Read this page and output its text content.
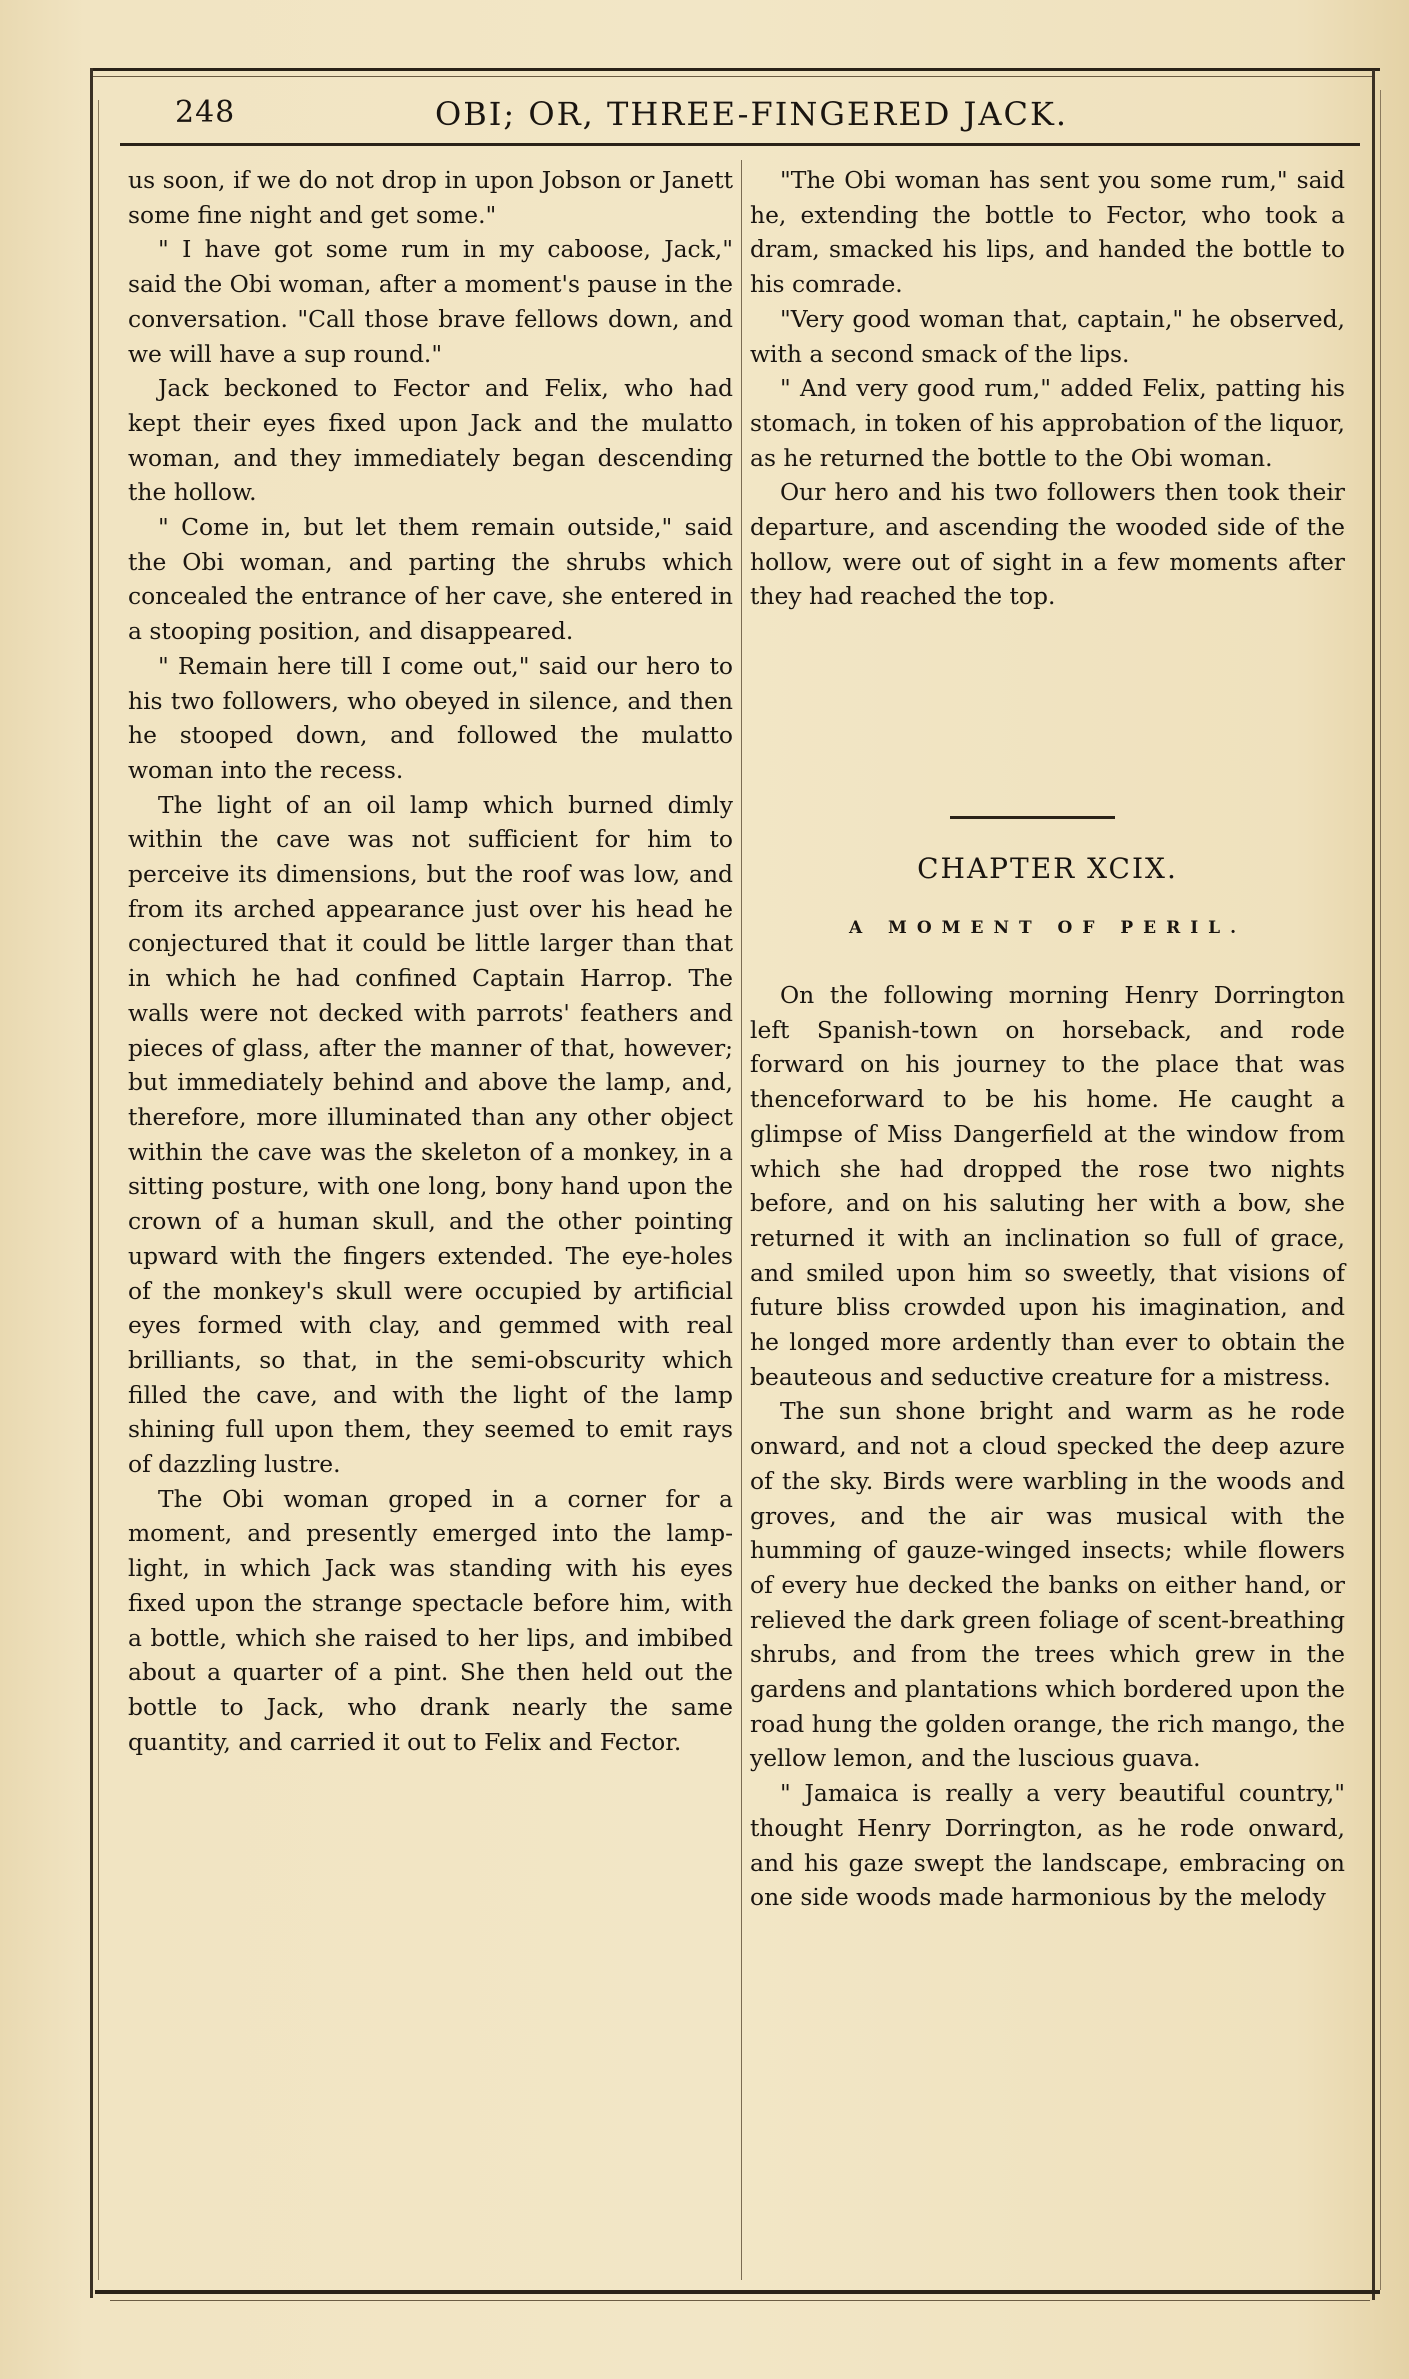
248	OBI; OR, THREE-FINGERED JACK.

us soon, if we do not drop in upon Jobson or Janett some fine night and get some."

" I have got some rum in my caboose, Jack," said the Obi woman, after a moment's pause in the conversation. "Call those brave fellows down, and we will have a sup round."

Jack beckoned to Fector and Felix, who had kept their eyes fixed upon Jack and the mulatto woman, and they immediately began descending the hollow.

" Come in, but let them remain outside," said the Obi woman, and parting the shrubs which concealed the entrance of her cave, she entered in a stooping position, and disappeared.

" Remain here till I come out," said our hero to his two followers, who obeyed in silence, and then he stooped down, and followed the mulatto woman into the recess.

The light of an oil lamp which burned dimly within the cave was not sufficient for him to perceive its dimensions, but the roof was low, and from its arched appearance just over his head he conjectured that it could be little larger than that in which he had confined Captain Harrop. The walls were not decked with parrots' feathers and pieces of glass, after the manner of that, however; but immediately behind and above the lamp, and, therefore, more illuminated than any other object within the cave was the skeleton of a monkey, in a sitting posture, with one long, bony hand upon the crown of a human skull, and the other pointing upward with the fingers extended. The eye-holes of the monkey's skull were occupied by artificial eyes formed with clay, and gemmed with real brilliants, so that, in the semi-obscurity which filled the cave, and with the light of the lamp shining full upon them, they seemed to emit rays of dazzling lustre.

The Obi woman groped in a corner for a moment, and presently emerged into the lamp-light, in which Jack was standing with his eyes fixed upon the strange spectacle before him, with a bottle, which she raised to her lips, and imbibed about a quarter of a pint. She then held out the bottle to Jack, who drank nearly the same quantity, and carried it out to Felix and Fector.

"The Obi woman has sent you some rum," said he, extending the bottle to Fector, who took a dram, smacked his lips, and handed the bottle to his comrade.

"Very good woman that, captain," he observed, with a second smack of the lips.

" And very good rum," added Felix, patting his stomach, in token of his approbation of the liquor, as he returned the bottle to the Obi woman.

Our hero and his two followers then took their departure, and ascending the wooded side of the hollow, were out of sight in a few moments after they had reached the top.

CHAPTER XCIX.
A MOMENT OF PERIL.

On the following morning Henry Dorrington left Spanish-town on horseback, and rode forward on his journey to the place that was thenceforward to be his home. He caught a glimpse of Miss Dangerfield at the window from which she had dropped the rose two nights before, and on his saluting her with a bow, she returned it with an inclination so full of grace, and smiled upon him so sweetly, that visions of future bliss crowded upon his imagination, and he longed more ardently than ever to obtain the beauteous and seductive creature for a mistress.

The sun shone bright and warm as he rode onward, and not a cloud specked the deep azure of the sky. Birds were warbling in the woods and groves, and the air was musical with the humming of gauze-winged insects; while flowers of every hue decked the banks on either hand, or relieved the dark green foliage of scent-breathing shrubs, and from the trees which grew in the gardens and plantations which bordered upon the road hung the golden orange, the rich mango, the yellow lemon, and the luscious guava.

" Jamaica is really a very beautiful country," thought Henry Dorrington, as he rode onward, and his gaze swept the landscape, embracing on one side woods made harmonious by the melody
